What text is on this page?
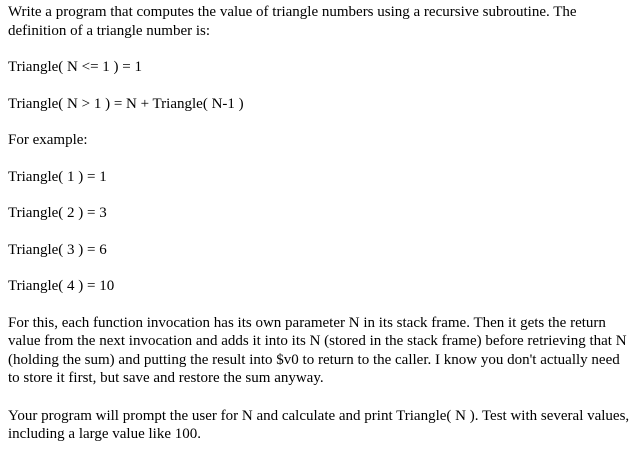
Write a program that computes the value of triangle numbers using a recursive subroutine. The definition of a triangle number is:

Triangle( N <= 1 ) = 1

Triangle( N > 1 ) = N + Triangle( N-1 )

For example:

Triangle( 1 ) = 1

Triangle( 2 ) = 3

Triangle( 3 ) = 6

Triangle( 4 ) = 10

For this, each function invocation has its own parameter N in its stack frame. Then it gets the return value from the next invocation and adds it into its N (stored in the stack frame) before retrieving that N (holding the sum) and putting the result into $v0 to return to the caller. I know you don't actually need to store it first, but save and restore the sum anyway.

Your program will prompt the user for N and calculate and print Triangle( N ). Test with several values, including a large value like 100.
